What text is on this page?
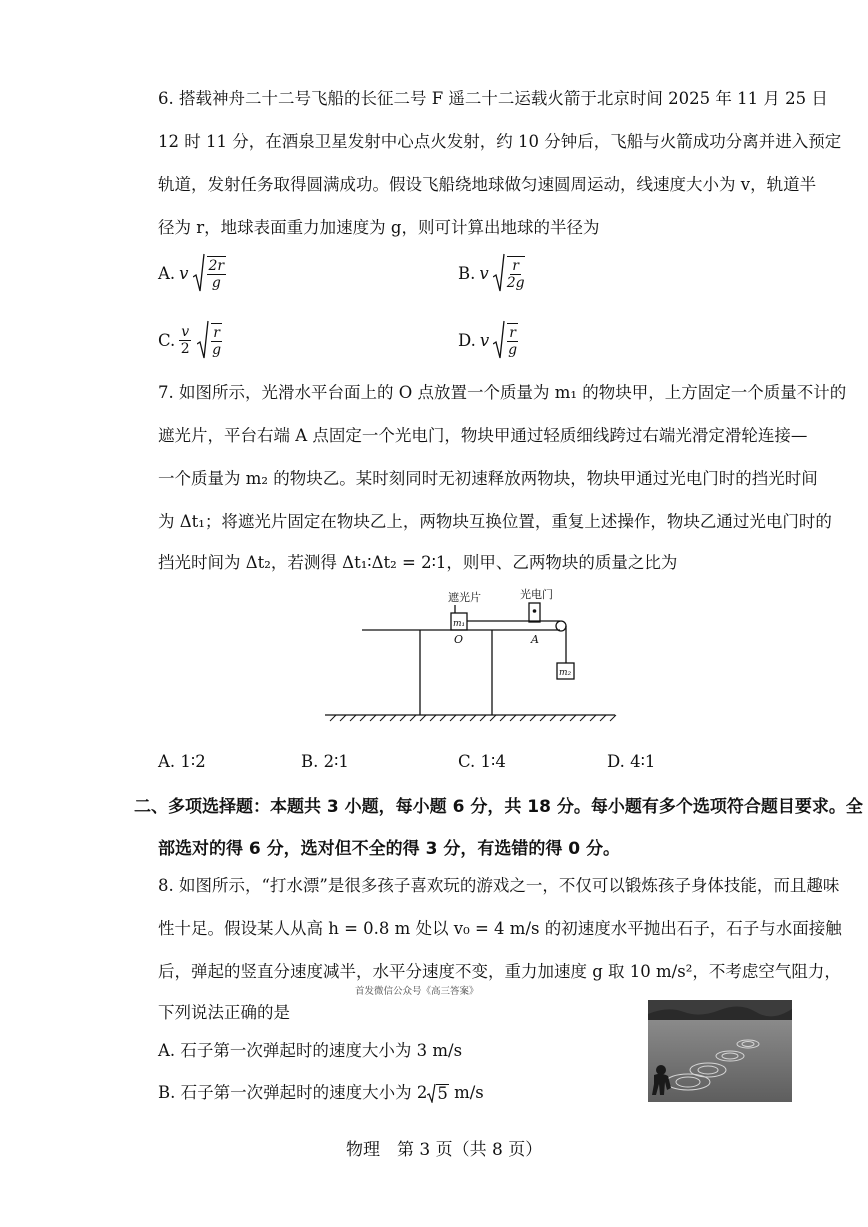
6. 搭载神舟二十二号飞船的长征二号 F 遥二十二运载火箭于北京时间 2025 年 11 月 25 日
12 时 11 分，在酒泉卫星发射中心点火发射，约 10 分钟后，飞船与火箭成功分离并进入预定
轨道，发射任务取得圆满成功。假设飞船绕地球做匀速圆周运动，线速度大小为 v，轨道半
径为 r，地球表面重力加速度为 g，则可计算出地球的半径为
A. v $\frac{2r}{g}$	B. v $\frac{r}{2g}$
C. $\frac{v}{2} \frac{r}{g}$	D. v $\frac{r}{g}$
7. 如图所示，光滑水平台面上的 O 点放置一个质量为 m₁ 的物块甲，上方固定一个质量不计的
遮光片，平台右端 A 点固定一个光电门，物块甲通过轻质细线跨过右端光滑定滑轮连接—
一个质量为 m₂ 的物块乙。某时刻同时无初速释放两物块，物块甲通过光电门时的挡光时间
为 Δt₁；将遮光片固定在物块乙上，两物块互换位置，重复上述操作，物块乙通过光电门时的
挡光时间为 Δt₂，若测得 Δt₁∶Δt₂ = 2∶1，则甲、乙两物块的质量之比为
遮光片	光电门
O	A
m₁
m₂
A. 1∶2	B. 2∶1	C. 1∶4	D. 4∶1
二、多项选择题：本题共 3 小题，每小题 6 分，共 18 分。每小题有多个选项符合题目要求。全
部选对的得 6 分，选对但不全的得 3 分，有选错的得 0 分。
8. 如图所示，“打水漂”是很多孩子喜欢玩的游戏之一，不仅可以锻炼孩子身体技能，而且趣味
性十足。假设某人从高 h = 0.8 m 处以 v₀ = 4 m/s 的初速度水平抛出石子，石子与水面接触
后，弹起的竖直分速度减半，水平分速度不变，重力加速度 g 取 10 m/s²，不考虑空气阻力，
首发微信公众号《高三答案》
下列说法正确的是
A. 石子第一次弹起时的速度大小为 3 m/s
B. 石子第一次弹起时的速度大小为 2 5 m/s
物理　第 3 页（共 8 页）
